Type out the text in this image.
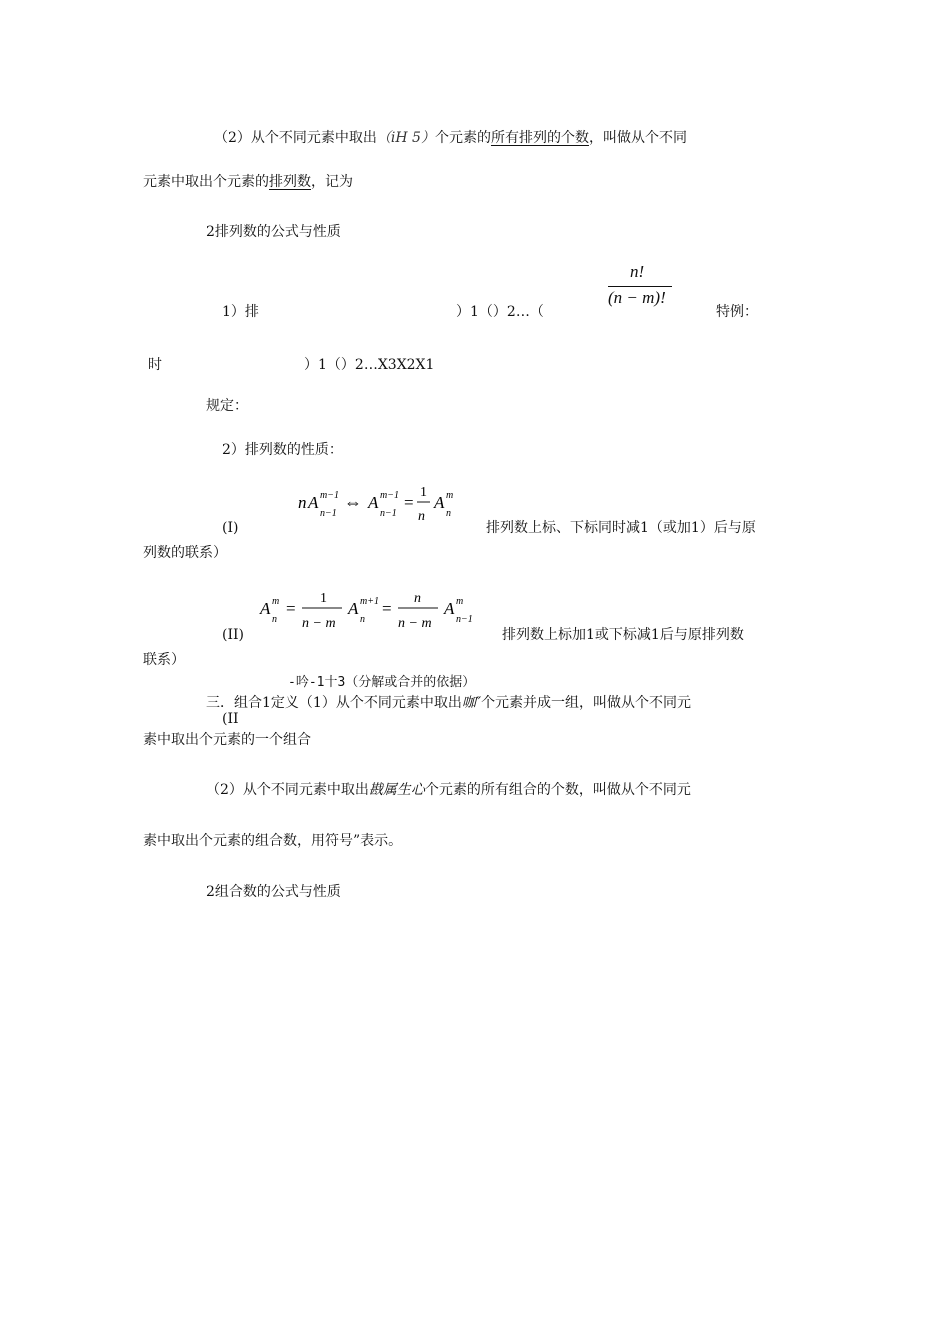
（2）从个不同元素中取出（iH 5）个元素的所有排列的个数，叫做从个不同
元素中取出个元素的排列数，记为
2排列数的公式与性质
1）排	）1（）2…（
n!
(n − m)!
特例：
时	）1（）2…X3X2X1
规定：
2）排列数的性质：
n A m−1
n−1
⇔ A m−1
n−1
=
1
n
A m
n
(I)	排列数上标、下标同时减1（或加1）后与原
列数的联系）
A m
n
=
1
n − m
A m+1
n
=
n
n − m
A m
n−1
(II)	排列数上标加1或下标减1后与原排列数
联系）
-吟-1十3（分解或合并的依据）
(II
三．组合1定义（1）从个不同元素中取出咖″个元素并成一组，叫做从个不同元
素中取出个元素的一个组合
（2）从个不同元素中取出戡属生心个元素的所有组合的个数，叫做从个不同元
素中取出个元素的组合数，用符号”表示。
2组合数的公式与性质
